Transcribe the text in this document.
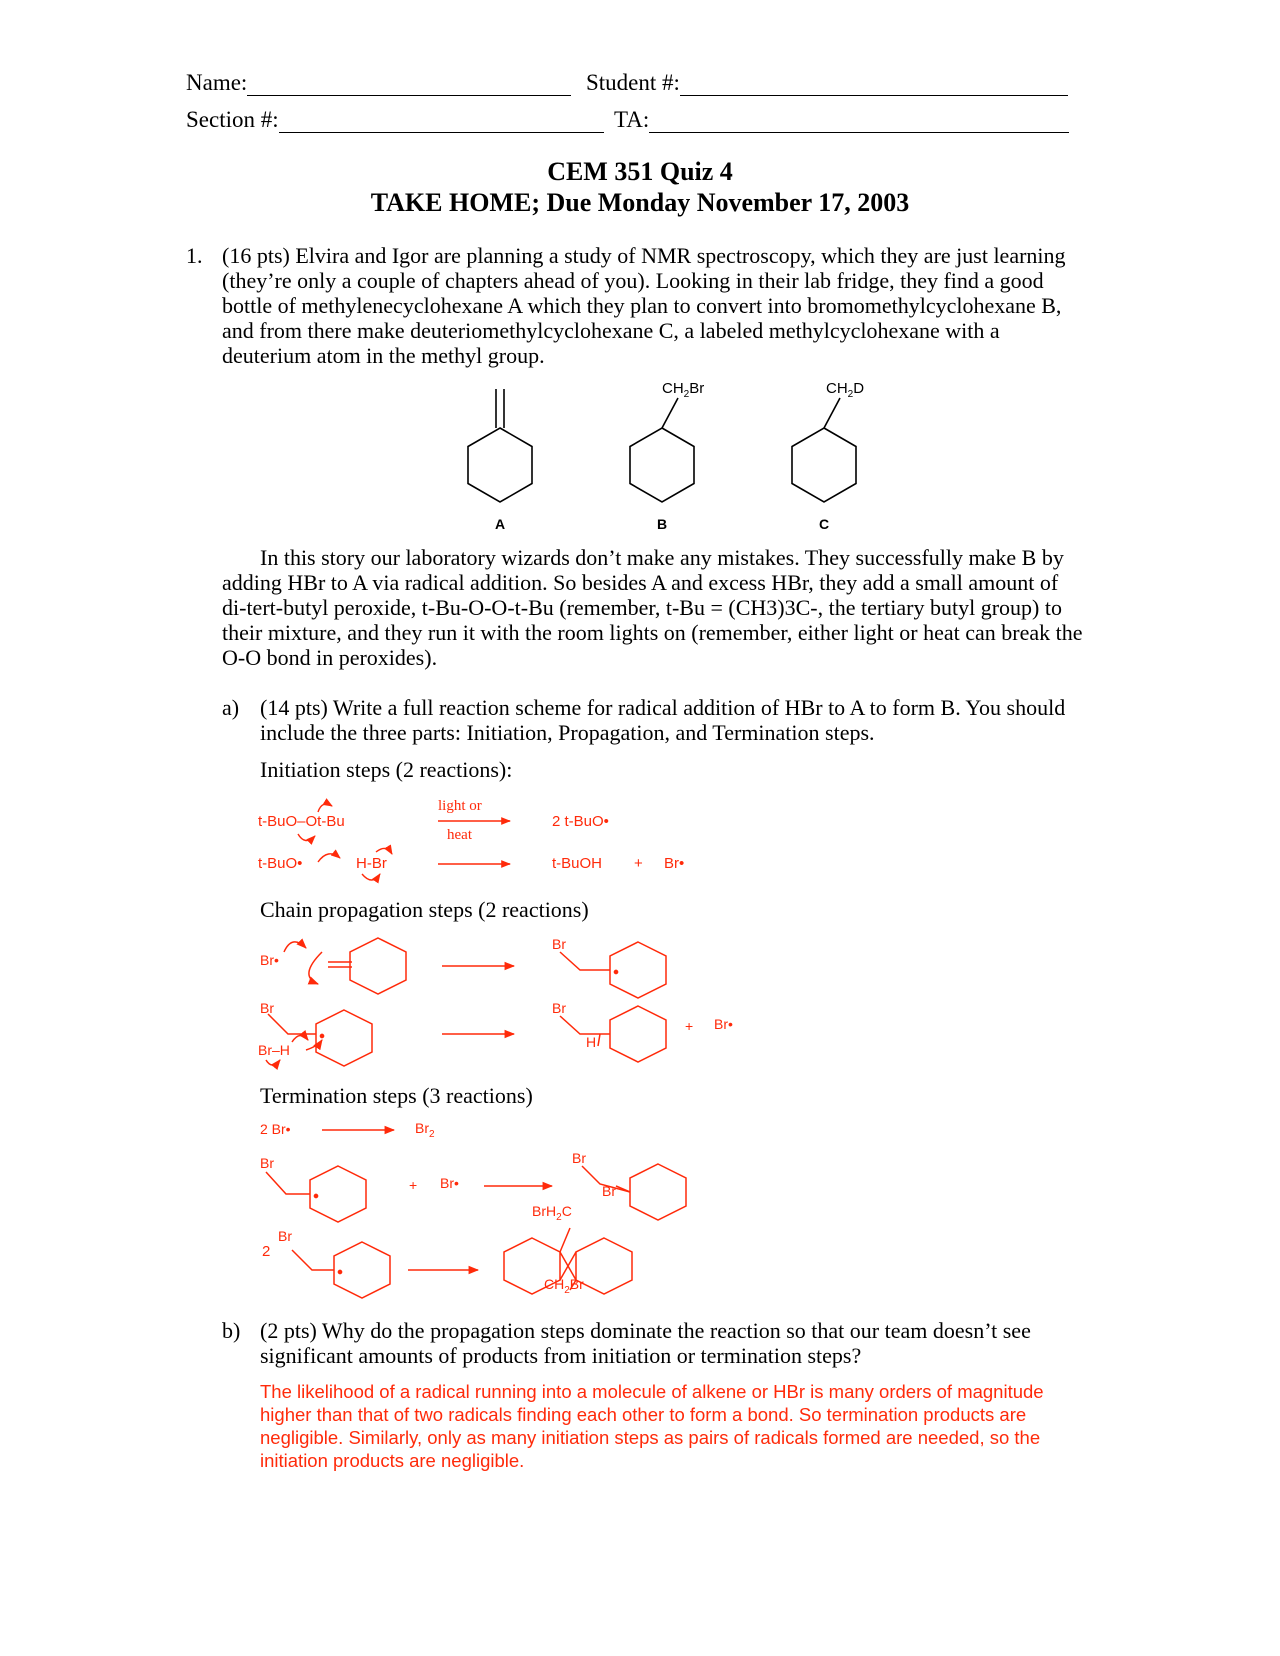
Name:	Student #:
Section #:	TA:
CEM 351 Quiz 4
TAKE HOME; Due Monday November 17, 2003
1. (16 pts) Elvira and Igor are planning a study of NMR spectroscopy, which they are just learning (they’re only a couple of chapters ahead of you). Looking in their lab fridge, they find a good bottle of methylenecyclohexane A which they plan to convert into bromomethylcyclohexane B, and from there make deuteriomethylcyclohexane C, a labeled methylcyclohexane with a deuterium atom in the methyl group.
A	B	C
$CH_2Br$	$CH_2D$
In this story our laboratory wizards don’t make any mistakes. They successfully make B by adding HBr to A via radical addition. So besides A and excess HBr, they add a small amount of di-tert-butyl peroxide, t-Bu-O-O-t-Bu (remember, t-Bu = (CH3)3C-, the tertiary butyl group) to their mixture, and they run it with the room lights on (remember, either light or heat can break the O-O bond in peroxides).
a) (14 pts) Write a full reaction scheme for radical addition of HBr to A to form B. You should include the three parts: Initiation, Propagation, and Termination steps.
Initiation steps (2 reactions):
t-BuO–Ot-Bu
light or
heat
2 t-BuO•
t-BuO•	H-Br	t-BuOH + Br•
Chain propagation steps (2 reactions)
Br•
Br
Br
Br–H
Br
H
+ Br•
Termination steps (3 reactions)
2 Br•	$Br_2$
Br
+ Br•
Br
Br
2
Br
BrH$_2$C
$CH_2Br$
b) (2 pts) Why do the propagation steps dominate the reaction so that our team doesn’t see significant amounts of products from initiation or termination steps?
The likelihood of a radical running into a molecule of alkene or HBr is many orders of magnitude higher than that of two radicals finding each other to form a bond. So termination products are negligible. Similarly, only as many initiation steps as pairs of radicals formed are needed, so the initiation products are negligible.
